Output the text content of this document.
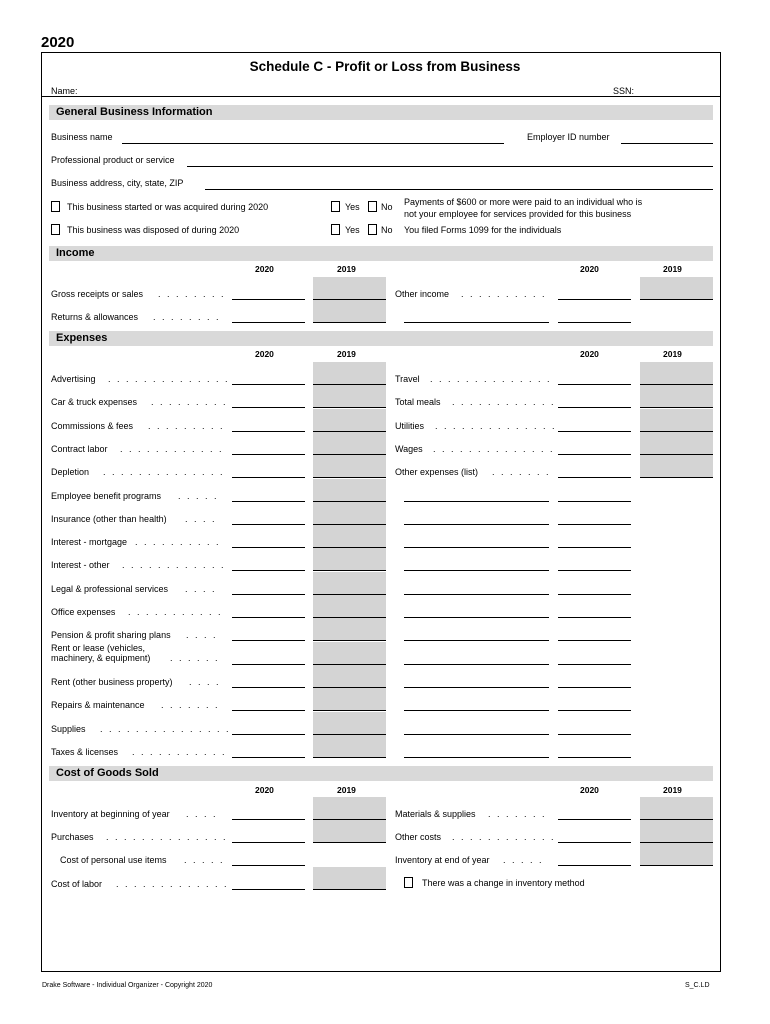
2020
Schedule C - Profit or Loss from Business
Name:	SSN:
General Business Information
Business name	Employer ID number
Professional product or service
Business address, city, state, ZIP
This business started or was acquired during 2020	Yes No Payments of $600 or more were paid to an individual who is
not your employee for services provided for this business
This business was disposed of during 2020	Yes No You filed Forms 1099 for the individuals
Income
2020	2019	2020	2019
Gross receipts or sales . . . . . . . .
Returns & allowances . . . . . . . .
Other income . . . . . . . . . .
Expenses
2020	2019	2020	2019
Advertising . . . . . . . . . . . . . .
Car & truck expenses . . . . . . . . .
Commissions & fees . . . . . . . . .
Contract labor . . . . . . . . . . . .
Depletion . . . . . . . . . . . . . .
Employee benefit programs . . . . .
Insurance (other than health) . . . .
Interest - mortgage . . . . . . . . . .
Interest - other . . . . . . . . . . . .
Legal & professional services . . . .
Office expenses . . . . . . . . . . .
Pension & profit sharing plans . . . .
Rent or lease (vehicles,
machinery, & equipment) . . . . . .
Rent (other business property) . . . .
Repairs & maintenance . . . . . . .
Supplies . . . . . . . . . . . . . . .
Taxes & licenses . . . . . . . . . . .
Travel . . . . . . . . . . . . . .
Total meals . . . . . . . . . . . .
Utilities . . . . . . . . . . . . . .
Wages . . . . . . . . . . . . . .
Other expenses (list) . . . . . . .
Cost of Goods Sold
2020	2019	2020	2019
Inventory at beginning of year . . . .
Purchases . . . . . . . . . . . . . .
Cost of personal use items . . . . .
Cost of labor . . . . . . . . . . . . .
Materials & supplies . . . . . . .
Other costs . . . . . . . . . . . .
Inventory at end of year . . . . .
There was a change in inventory method
Drake Software - Individual Organizer - Copyright 2020	S_C.LD
